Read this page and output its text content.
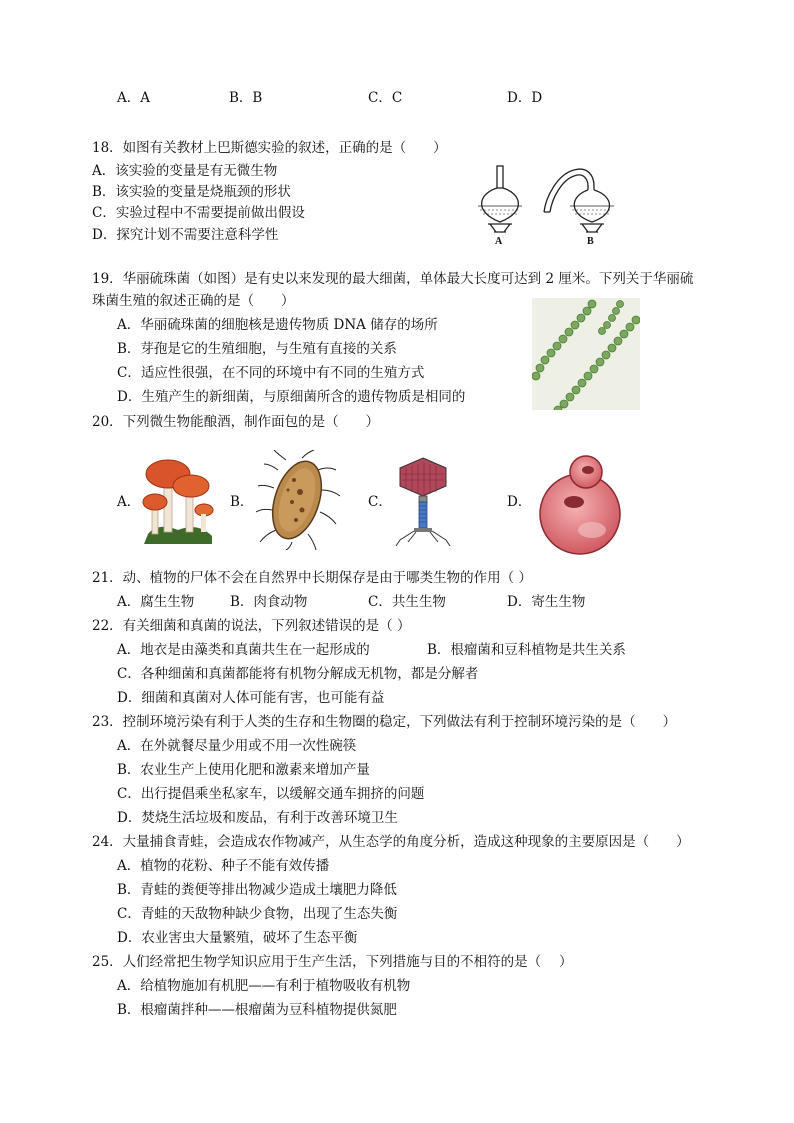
A．A	B．B	C．C	D．D
18．如图有关教材上巴斯德实验的叙述，正确的是（　　）
A．该实验的变量是有无微生物
B．该实验的变量是烧瓶颈的形状
C．实验过程中不需要提前做出假设
D．探究计划不需要注意科学性	A	B
19．华丽硫珠菌（如图）是有史以来发现的最大细菌，单体最大长度可达到 2 厘米。下列关于华丽硫
珠菌生殖的叙述正确的是（　　）
A．华丽硫珠菌的细胞核是遗传物质 DNA 储存的场所
B．芽孢是它的生殖细胞，与生殖有直接的关系
C．适应性很强，在不同的环境中有不同的生殖方式
D．生殖产生的新细菌，与原细菌所含的遗传物质是相同的
20．下列微生物能酿酒，制作面包的是（　　）
A．	B．	C．	D．
21．动、植物的尸体不会在自然界中长期保存是由于哪类生物的作用（ ）
A．腐生生物	B．肉食动物	C．共生生物	D．寄生生物
22．有关细菌和真菌的说法，下列叙述错误的是（ ）
A．地衣是由藻类和真菌共生在一起形成的	B．根瘤菌和豆科植物是共生关系
C．各种细菌和真菌都能将有机物分解成无机物，都是分解者
D．细菌和真菌对人体可能有害，也可能有益
23．控制环境污染有利于人类的生存和生物圈的稳定，下列做法有利于控制环境污染的是（　　）
A．在外就餐尽量少用或不用一次性碗筷
B．农业生产上使用化肥和激素来增加产量
C．出行提倡乘坐私家车，以缓解交通车拥挤的问题
D．焚烧生活垃圾和废品，有利于改善环境卫生
24．大量捕食青蛙，会造成农作物减产，从生态学的角度分析，造成这种现象的主要原因是（　　）
A．植物的花粉、种子不能有效传播
B．青蛙的粪便等排出物减少造成土壤肥力降低
C．青蛙的天敌物种缺少食物，出现了生态失衡
D．农业害虫大量繁殖，破坏了生态平衡
25．人们经常把生物学知识应用于生产生活，下列措施与目的不相符的是（　 ）
A．给植物施加有机肥——有利于植物吸收有机物
B．根瘤菌拌种——根瘤菌为豆科植物提供氮肥
